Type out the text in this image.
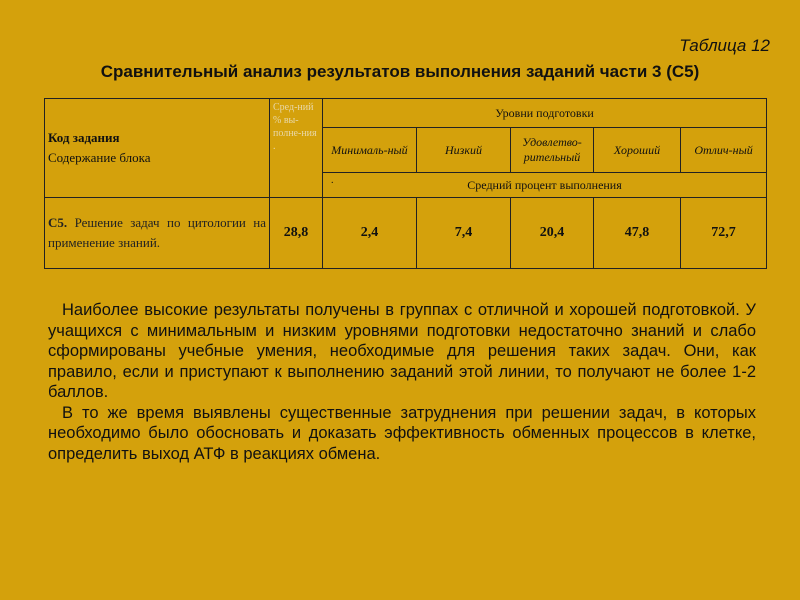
Таблица 12
Сравнительный анализ результатов выполнения заданий части 3 (С5)
Код задания
Содержание блока	Сред-ний % вы-полне-ния .	Уровни подготовки				
		Минималь-ный	Низкий	Удовлетво-рительный	Хороший	Отлич-ный

		. Средний процент выполнения				
С5. Решение задач по цитологии на применение знаний.	28,8	2,4	7,4	20,4	47,8	72,7

Наиболее высокие результаты получены в группах с отличной и хорошей подготовкой. У учащихся с минимальным и низким уровнями подготовки недостаточно знаний и слабо сформированы учебные умения, необходимые для решения таких задач. Они, как правило, если и приступают к выполнению заданий этой линии, то получают не более 1-2 баллов.

В то же время выявлены существенные затруднения при решении задач, в которых необходимо было обосновать и доказать эффективность обменных процессов в клетке, определить выход АТФ в реакциях обмена.
